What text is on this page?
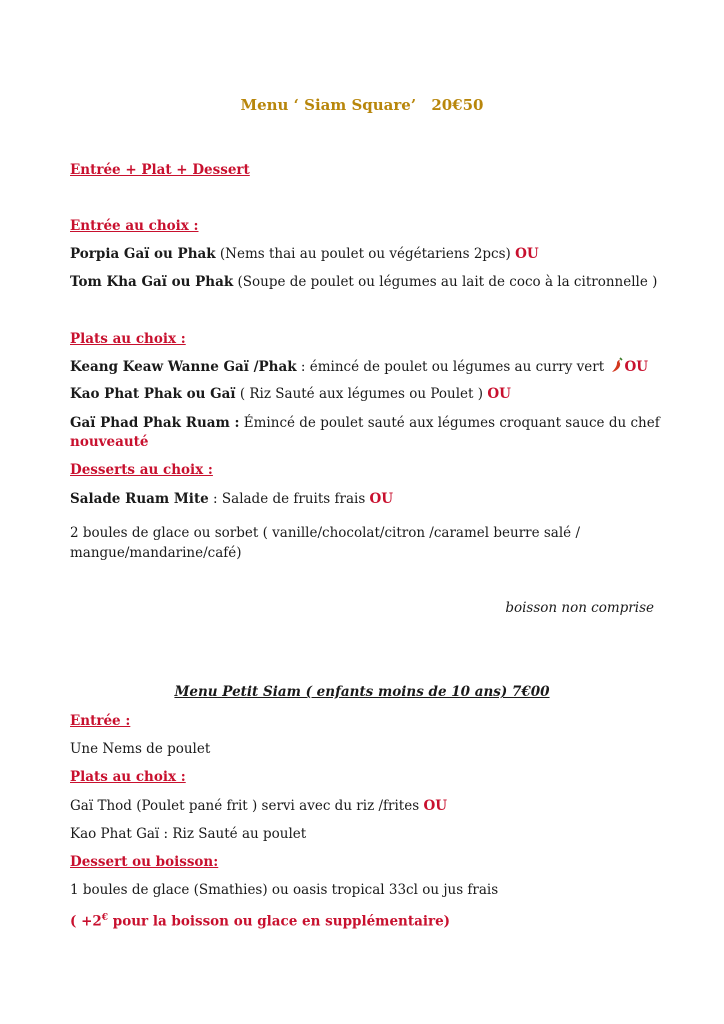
Menu ‘ Siam Square’ 20€50
Entrée + Plat + Dessert
Entrée au choix :
Porpia Gaï ou Phak (Nems thai au poulet ou végétariens 2pcs) OU
Tom Kha Gaï ou Phak (Soupe de poulet ou légumes au lait de coco à la citronnelle )
Plats au choix :
Keang Keaw Wanne Gaï /Phak : émincé de poulet ou légumes au curry vert OU
Kao Phat Phak ou Gaï ( Riz Sauté aux légumes ou Poulet ) OU
Gaï Phad Phak Ruam : Émincé de poulet sauté aux légumes croquant sauce du chef
nouveauté
Desserts au choix :
Salade Ruam Mite : Salade de fruits frais OU
2 boules de glace ou sorbet ( vanille/chocolat/citron /caramel beurre salé /
mangue/mandarine/café)
boisson non comprise
Menu Petit Siam ( enfants moins de 10 ans) 7€00
Entrée :
Une Nems de poulet
Plats au choix :
Gaï Thod (Poulet pané frit ) servi avec du riz /frites OU
Kao Phat Gaï : Riz Sauté au poulet
Dessert ou boisson:
1 boules de glace (Smathies) ou oasis tropical 33cl ou jus frais
( +2€ pour la boisson ou glace en supplémentaire)
